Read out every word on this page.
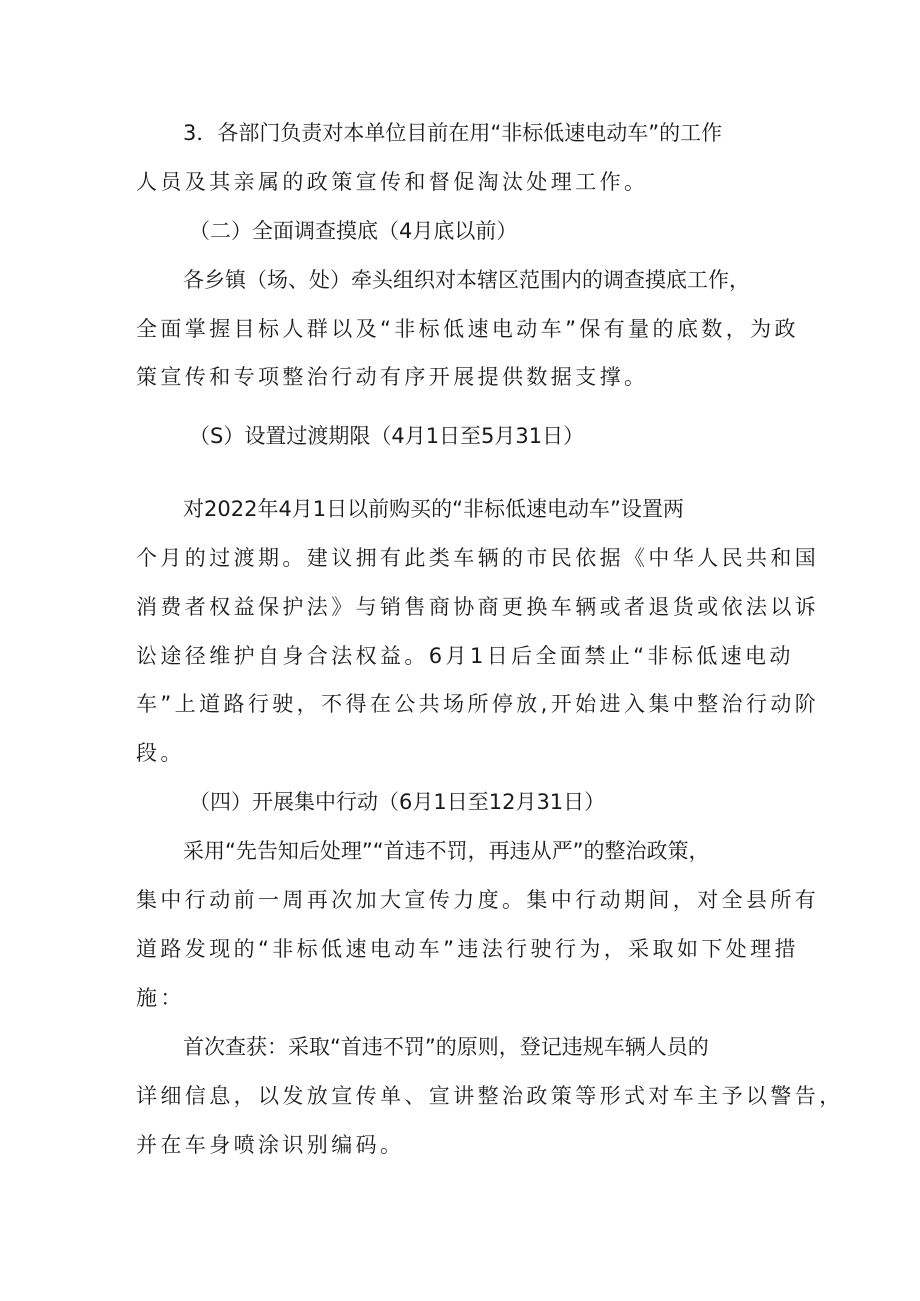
3．各部门负责对本单位目前在用“非标低速电动车”的工作
人员及其亲属的政策宣传和督促淘汰处理工作。
（二）全面调查摸底（4月底以前）
各乡镇（场、处）牵头组织对本辖区范围内的调查摸底工作，
全面掌握目标人群以及“非标低速电动车”保有量的底数，为政
策宣传和专项整治行动有序开展提供数据支撑。
（S）设置过渡期限（4月1日至5月31日）
对2022年4月1日以前购买的“非标低速电动车”设置两
个月的过渡期。建议拥有此类车辆的市民依据《中华人民共和国
消费者权益保护法》与销售商协商更换车辆或者退货或依法以诉
讼途径维护自身合法权益。6月1日后全面禁止“非标低速电动
车”上道路行驶，不得在公共场所停放,开始进入集中整治行动阶
段。
（四）开展集中行动（6月1日至12月31日）
采用“先告知后处理”“首违不罚，再违从严”的整治政策，
集中行动前一周再次加大宣传力度。集中行动期间，对全县所有
道路发现的“非标低速电动车”违法行驶行为，采取如下处理措
施：
首次查获：采取“首违不罚”的原则，登记违规车辆人员的
详细信息，以发放宣传单、宣讲整治政策等形式对车主予以警告，
并在车身喷涂识别编码。
